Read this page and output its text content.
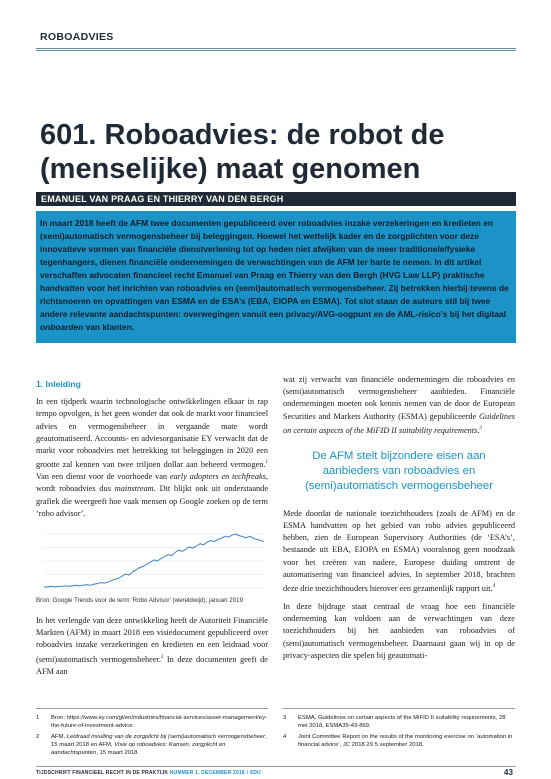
ROBOADVIES
601. Roboadvies: de robot de (menselijke) maat genomen
EMANUEL VAN PRAAG EN THIERRY VAN DEN BERGH
In maart 2018 heeft de AFM twee documenten gepubliceerd over roboadvies inzake verzekeringen en kredieten en (semi)automatisch vermogensbeheer bij beleggingen. Hoewel het wettelijk kader en de zorgplichten voor deze innovatieve vormen van financiële dienstverlening tot op heden niet afwijken van de meer traditionele/fysieke tegenhangers, dienen financiële ondernemingen de verwachtingen van de AFM ter harte te nemen. In dit artikel verschaffen advocaten financieel recht Emanuel van Praag en Thierry van den Bergh (HVG Law LLP) praktische handvatten voor het inrichten van roboadvies en (semi)automatisch vermogensbeheer. Zij betrekken hierbij tevens de richtsnoeren en opvattingen van ESMA en de ESA’s (EBA, EIOPA en ESMA). Tot slot staan de auteurs stil bij twee andere relevante aandachtspunten: overwegingen vanuit een privacy/AVG-oogpunt en de AML-risico’s bij het digitaal onboarden van klanten.
1. Inleiding

In een tijdperk waarin technologische ontwikkelingen elkaar in rap tempo opvolgen, is het geen wonder dat ook de markt voor financieel advies en vermogensbeheer in vergaande mate wordt geautomatiseerd. Accounts- en adviesorganisatie EY verwacht dat de markt voor roboadvies met betrekking tot beleggingen in 2020 een grootte zal kennen van twee triljoen dollar aan beheerd vermogen.$^1$ Van een dienst voor de voorhoede van early adopters en techfreaks, wordt roboadvies dus mainstream. Dit blijkt ook uit onderstaande grafiek die weergeeft hoe vaak mensen op Google zoeken op de term ‘robo advisor’.

Bron: Google Trends voor de term ‘Robo Advisor’ (wereldwijd), januari 2019

In het verlengde van deze ontwikkeling heeft de Autoriteit Financiële Markten (AFM) in maart 2018 een visiedocument gepubliceerd over roboadvies inzake verzekeringen en kredieten en een leidraad voor (semi)automatisch vermogensbeheer.$^2$ In deze documenten geeft de AFM aan

wat zij verwacht van financiële ondernemingen die roboadvies en (semi)automatisch vermogensbeheer aanbieden. Financiële ondernemingen moeten ook kennis nemen van de door de European Securities and Markets Authority (ESMA) gepubliceerde Guidelines on certain aspects of the MiFID II suitability requirements.$^3$

De AFM stelt bijzondere eisen aan aanbieders van roboadvies en (semi)automatisch vermogensbeheer

Mede doordat de nationale toezichthouders (zoals de AFM) en de ESMA handvatten op het gebied van robo advies gepubliceerd hebben, zien de European Supervisory Authorities (de ‘ESA’s’, bestaande uit EBA, EIOPA en ESMA) vooralsnog geen noodzaak voor het creëren van nadere, Europese duiding omtrent de automatisering van financieel advies. In september 2018, brachten deze drie toezichthouders hierover een gezamenlijk rapport uit.$^4$

In deze bijdrage staat centraal de vraag hoe een financiële onderneming kan voldoen aan de verwachtingen van deze toezichthouders bij het aanbieden van roboadvies of (semi)automatisch vermogensbeheer. Daarnaast gaan wij in op de privacy-aspecten die spelen bij geautomati-

1	Bron: https://www.ey.com/gl/en/industries/financial-services/asset-management/ey-the-future-of-investment-advice.
2	AFM, Leidraad invulling van de zorgplicht bij (semi)automatisch vermogensbeheer, 15 maart 2018 en AFM, Visie op roboadvies: Kansen, zorgplicht en aandachtspunten, 15 maart 2018.
3	ESMA, Guidelines on certain aspects of the MiFID II suitability requirements, 28 mei 2018, ESMA35-43-869.
4	Joint Committee Report on the results of the monitoring exercise on ‘automation in financial advice’, JC 2018 29 5 september 2018.
TIJDSCHRIFT FINANCIEEL RECHT IN DE PRAKTIJK NUMMER 1, DECEMBER 2018 / SDU	43
